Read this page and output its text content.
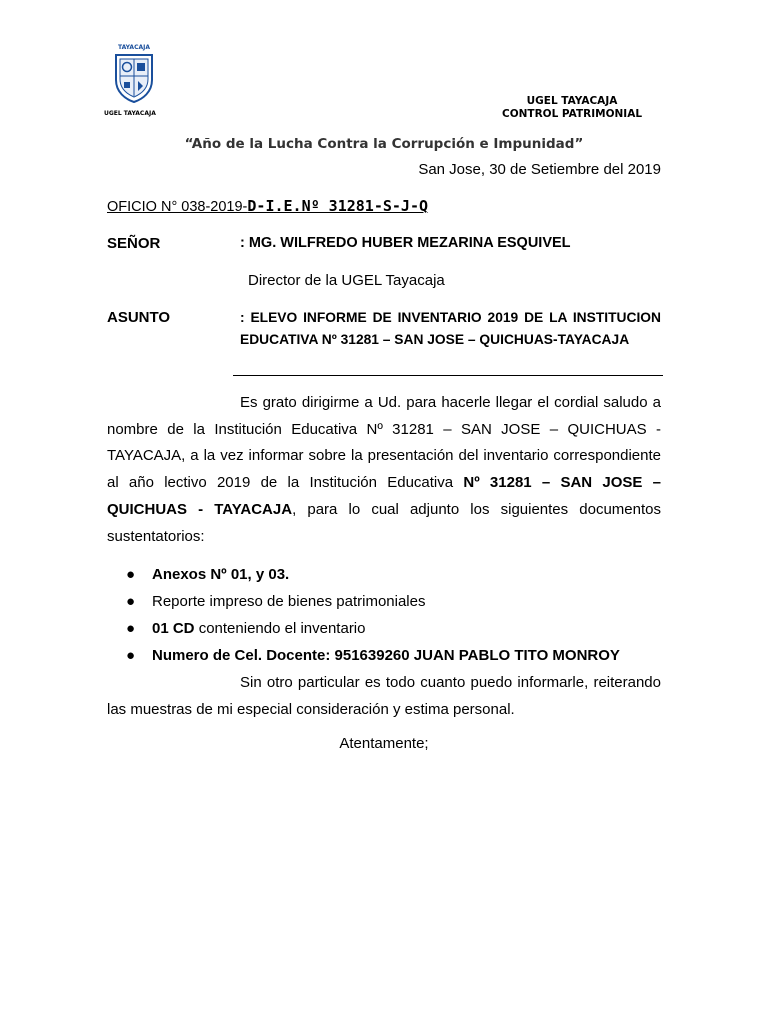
TAYACAJA
UGEL TAYACAJA
UGEL TAYACAJA
CONTROL PATRIMONIAL
“Año de la Lucha Contra la Corrupción e Impunidad”
San Jose, 30 de Setiembre del 2019
OFICIO N° 038-2019-D-I.E.Nº 31281-S-J-Q
SEÑOR	: MG. WILFREDO HUBER MEZARINA ESQUIVEL
Director de la UGEL Tayacaja
ASUNTO	: ELEVO INFORME DE INVENTARIO 2019 DE LA INSTITUCION EDUCATIVA Nº 31281 – SAN JOSE – QUICHUAS-TAYACAJA
Es grato dirigirme a Ud. para hacerle llegar el cordial saludo a nombre de la Institución Educativa Nº 31281 – SAN JOSE – QUICHUAS - TAYACAJA, a la vez informar sobre la presentación del inventario correspondiente al año lectivo 2019 de la Institución Educativa Nº 31281 – SAN JOSE – QUICHUAS - TAYACAJA, para lo cual adjunto los siguientes documentos sustentatorios:
● Anexos Nº 01, y 03.
● Reporte impreso de bienes patrimoniales
● 01 CD conteniendo el inventario
● Numero de Cel. Docente: 951639260 JUAN PABLO TITO MONROY
Sin otro particular es todo cuanto puedo informarle, reiterando las muestras de mi especial consideración y estima personal.
Atentamente;
